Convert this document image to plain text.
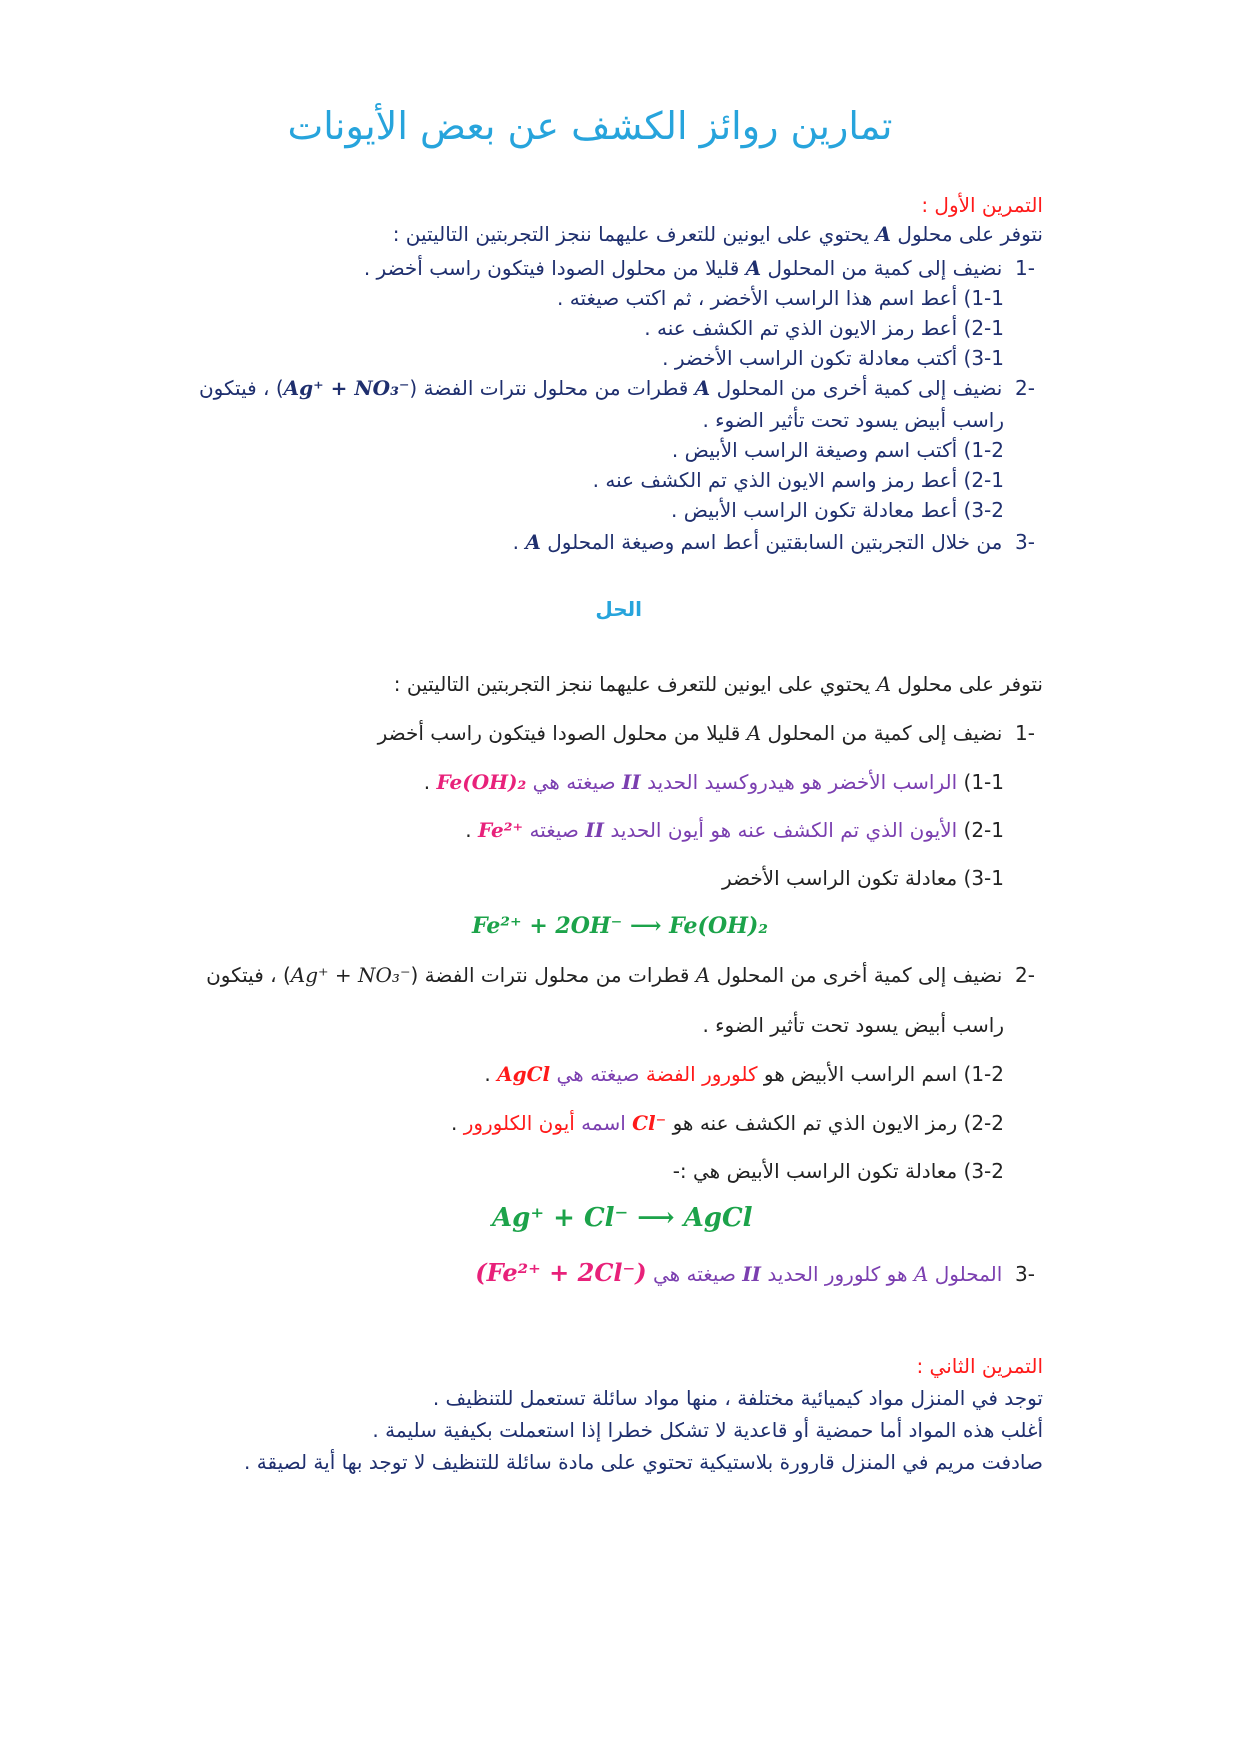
تمارين روائز الكشف عن بعض الأيونات
التمرين الأول :
نتوفر على محلول A يحتوي على ايونين للتعرف عليهما ننجز التجربتين التاليتين :
-1  نضيف إلى كمية من المحلول A قليلا من محلول الصودا فيتكون راسب أخضر .
1-1) أعط اسم هذا الراسب الأخضر ، ثم اكتب صيغته .
2-1) أعط رمز الايون الذي تم الكشف عنه .
3-1) أكتب معادلة تكون الراسب الأخضر .
-2  نضيف إلى كمية أخرى من المحلول A قطرات من محلول نترات الفضة (Ag⁺ + NO₃⁻) ، فيتكون
راسب أبيض يسود تحت تأثير الضوء .
1-2) أكتب اسم وصيغة الراسب الأبيض .
2-1) أعط رمز واسم الايون الذي تم الكشف عنه .
3-2) أعط معادلة تكون الراسب الأبيض .
-3  من خلال التجربتين السابقتين أعط اسم وصيغة المحلول A .
الحل
نتوفر على محلول A يحتوي على ايونين للتعرف عليهما ننجز التجربتين التاليتين :
-1  نضيف إلى كمية من المحلول A قليلا من محلول الصودا فيتكون راسب أخضر
1-1) الراسب الأخضر هو هيدروكسيد الحديد II صيغته هي Fe(OH)₂ .
2-1) الأيون الذي تم الكشف عنه هو أيون الحديد II صيغته Fe²⁺ .
3-1) معادلة تكون الراسب الأخضر
Fe²⁺ + 2OH⁻ ⟶ Fe(OH)₂
-2  نضيف إلى كمية أخرى من المحلول A قطرات من محلول نترات الفضة (Ag⁺ + NO₃⁻) ، فيتكون
راسب أبيض يسود تحت تأثير الضوء .
1-2) اسم الراسب الأبيض هو كلورور الفضة صيغته هي AgCl .
2-2) رمز الايون الذي تم الكشف عنه هو Cl⁻ اسمه أيون الكلورور .
3-2) معادلة تكون الراسب الأبيض هي :-
Ag⁺ + Cl⁻ ⟶ AgCl
-3  المحلول A هو كلورور الحديد II صيغته هي (Fe²⁺ + 2Cl⁻)
التمرين الثاني :
توجد في المنزل مواد كيميائية مختلفة ، منها مواد سائلة تستعمل للتنظيف .
أغلب هذه المواد أما حمضية أو قاعدية لا تشكل خطرا إذا استعملت بكيفية سليمة .
صادفت مريم في المنزل قارورة بلاستيكية تحتوي على مادة سائلة للتنظيف لا توجد بها أية لصيقة .
